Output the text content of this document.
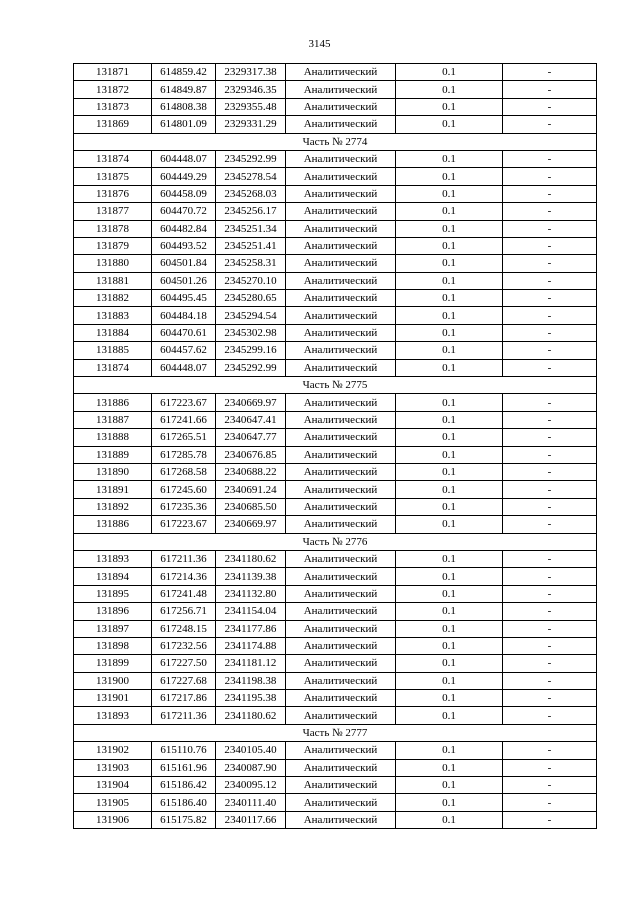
3145
131871	614859.42	2329317.38	Аналитический	0.1	-
131872	614849.87	2329346.35	Аналитический	0.1	-
131873	614808.38	2329355.48	Аналитический	0.1	-
131869	614801.09	2329331.29	Аналитический	0.1	-
Часть № 2774					
131874	604448.07	2345292.99	Аналитический	0.1	-
131875	604449.29	2345278.54	Аналитический	0.1	-
131876	604458.09	2345268.03	Аналитический	0.1	-
131877	604470.72	2345256.17	Аналитический	0.1	-
131878	604482.84	2345251.34	Аналитический	0.1	-
131879	604493.52	2345251.41	Аналитический	0.1	-
131880	604501.84	2345258.31	Аналитический	0.1	-
131881	604501.26	2345270.10	Аналитический	0.1	-
131882	604495.45	2345280.65	Аналитический	0.1	-
131883	604484.18	2345294.54	Аналитический	0.1	-
131884	604470.61	2345302.98	Аналитический	0.1	-
131885	604457.62	2345299.16	Аналитический	0.1	-
131874	604448.07	2345292.99	Аналитический	0.1	-
Часть № 2775					
131886	617223.67	2340669.97	Аналитический	0.1	-
131887	617241.66	2340647.41	Аналитический	0.1	-
131888	617265.51	2340647.77	Аналитический	0.1	-
131889	617285.78	2340676.85	Аналитический	0.1	-
131890	617268.58	2340688.22	Аналитический	0.1	-
131891	617245.60	2340691.24	Аналитический	0.1	-
131892	617235.36	2340685.50	Аналитический	0.1	-
131886	617223.67	2340669.97	Аналитический	0.1	-
Часть № 2776					
131893	617211.36	2341180.62	Аналитический	0.1	-
131894	617214.36	2341139.38	Аналитический	0.1	-
131895	617241.48	2341132.80	Аналитический	0.1	-
131896	617256.71	2341154.04	Аналитический	0.1	-
131897	617248.15	2341177.86	Аналитический	0.1	-
131898	617232.56	2341174.88	Аналитический	0.1	-
131899	617227.50	2341181.12	Аналитический	0.1	-
131900	617227.68	2341198.38	Аналитический	0.1	-
131901	617217.86	2341195.38	Аналитический	0.1	-
131893	617211.36	2341180.62	Аналитический	0.1	-
Часть № 2777					
131902	615110.76	2340105.40	Аналитический	0.1	-
131903	615161.96	2340087.90	Аналитический	0.1	-
131904	615186.42	2340095.12	Аналитический	0.1	-
131905	615186.40	2340111.40	Аналитический	0.1	-
131906	615175.82	2340117.66	Аналитический	0.1	-
